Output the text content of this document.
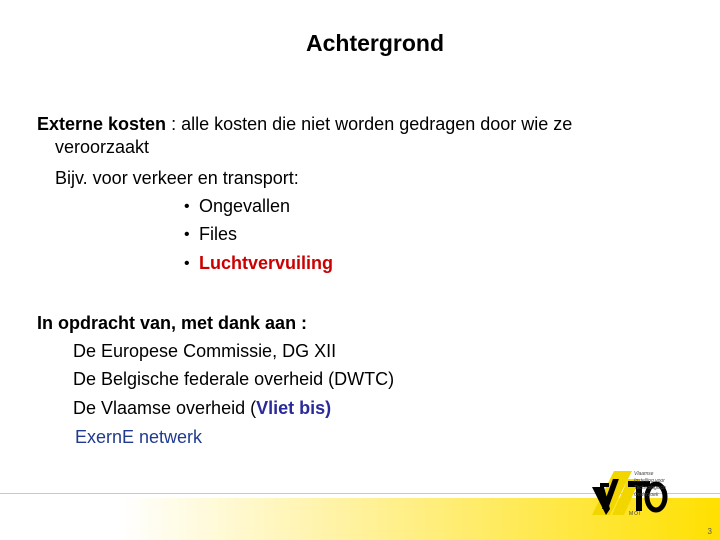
Achtergrond
Externe kosten : alle kosten die niet worden gedragen door wie ze
veroorzaakt
Bijv. voor verkeer en transport:
• Ongevallen
• Files
• Luchtvervuiling
In opdracht van, met dank aan :
De Europese Commissie, DG XII
De Belgische federale overheid (DWTC)
De Vlaamse overheid (Vliet bis)
ExernE netwerk
Vlaamse
Instelling voor
Technologisch
Onderzoek
MOI
3
